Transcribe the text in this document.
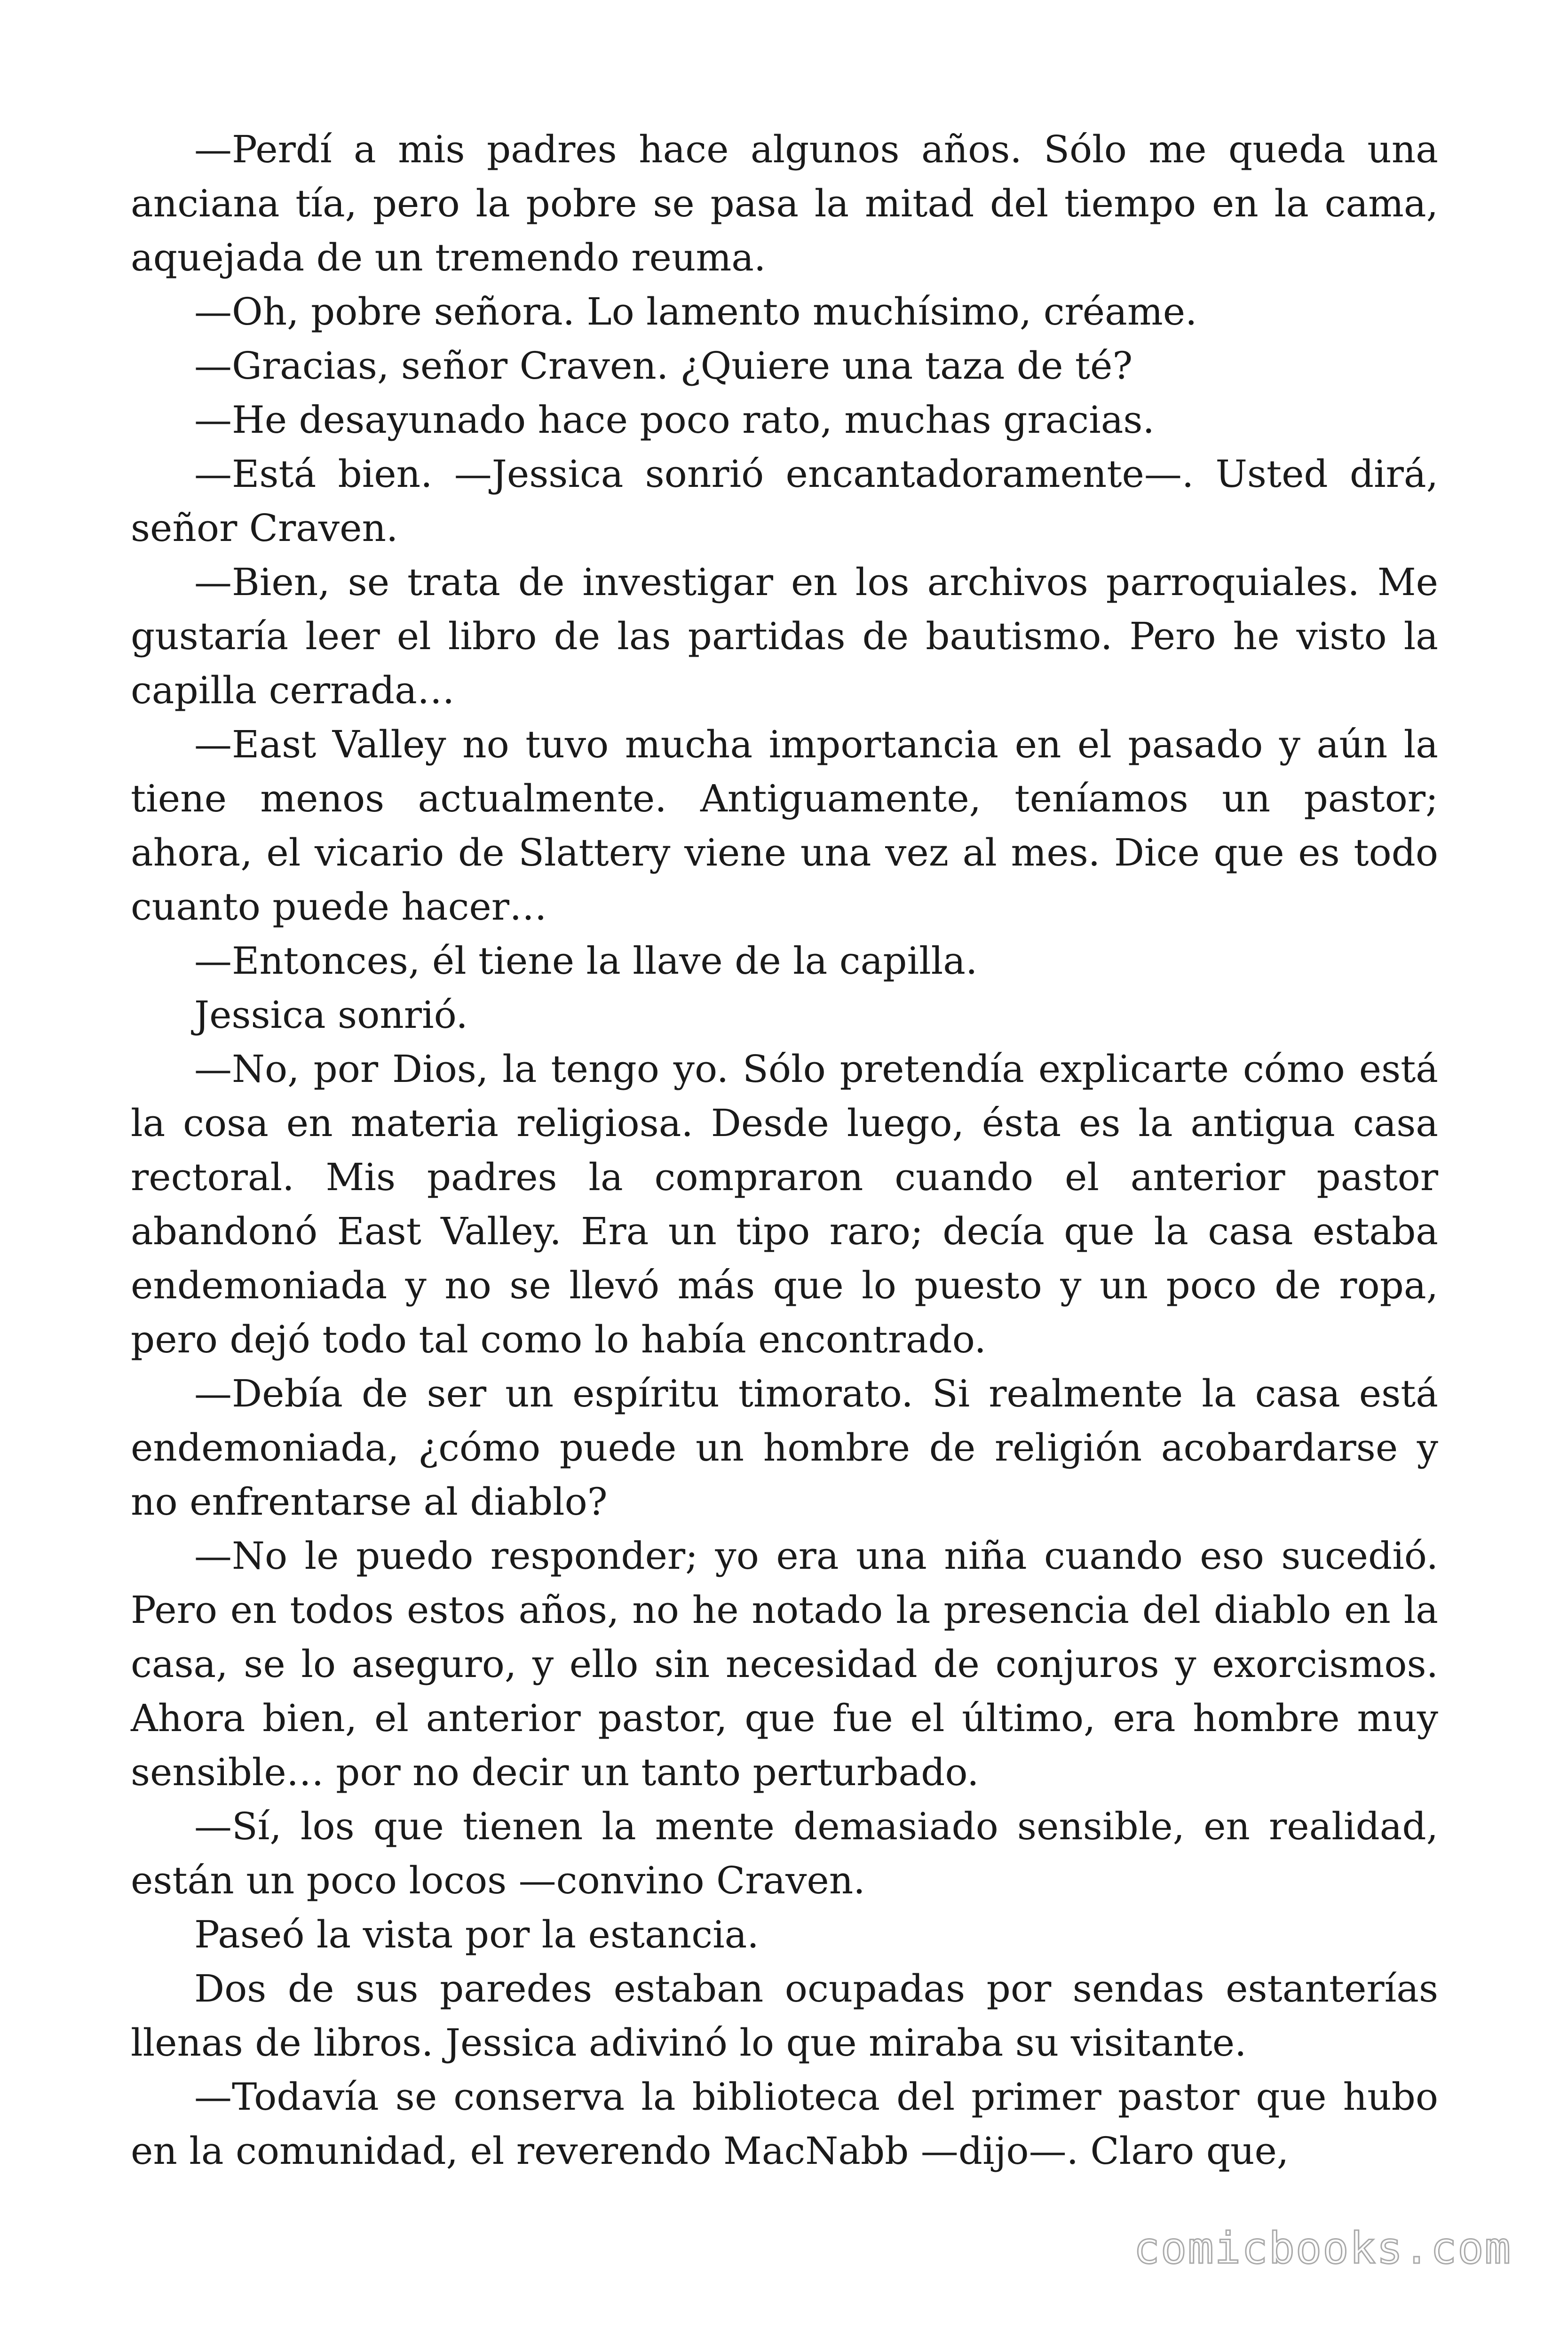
—Perdí a mis padres hace algunos años. Sólo me queda una anciana tía, pero la pobre se pasa la mitad del tiempo en la cama, aquejada de un tremendo reuma.

—Oh, pobre señora. Lo lamento muchísimo, créame.

—Gracias, señor Craven. ¿Quiere una taza de té?

—He desayunado hace poco rato, muchas gracias.

—Está bien. —Jessica sonrió encantadoramente—. Usted dirá, señor Craven.

—Bien, se trata de investigar en los archivos parroquiales. Me gustaría leer el libro de las partidas de bautismo. Pero he visto la capilla cerrada…

—East Valley no tuvo mucha importancia en el pasado y aún la tiene menos actualmente. Antiguamente, teníamos un pastor; ahora, el vicario de Slattery viene una vez al mes. Dice que es todo cuanto puede hacer…

—Entonces, él tiene la llave de la capilla.

Jessica sonrió.

—No, por Dios, la tengo yo. Sólo pretendía explicarte cómo está la cosa en materia religiosa. Desde luego, ésta es la antigua casa rectoral. Mis padres la compraron cuando el anterior pastor abandonó East Valley. Era un tipo raro; decía que la casa estaba endemoniada y no se llevó más que lo puesto y un poco de ropa, pero dejó todo tal como lo había encontrado.

—Debía de ser un espíritu timorato. Si realmente la casa está endemoniada, ¿cómo puede un hombre de religión acobardarse y no enfrentarse al diablo?

—No le puedo responder; yo era una niña cuando eso sucedió. Pero en todos estos años, no he notado la presencia del diablo en la casa, se lo aseguro, y ello sin necesidad de conjuros y exorcismos. Ahora bien, el anterior pastor, que fue el último, era hombre muy sensible… por no decir un tanto perturbado.

—Sí, los que tienen la mente demasiado sensible, en realidad, están un poco locos —convino Craven.

Paseó la vista por la estancia.

Dos de sus paredes estaban ocupadas por sendas estanterías llenas de libros. Jessica adivinó lo que miraba su visitante.

—Todavía se conserva la biblioteca del primer pastor que hubo en la comunidad, el reverendo MacNabb —dijo—. Claro que,

comicbooks.com
